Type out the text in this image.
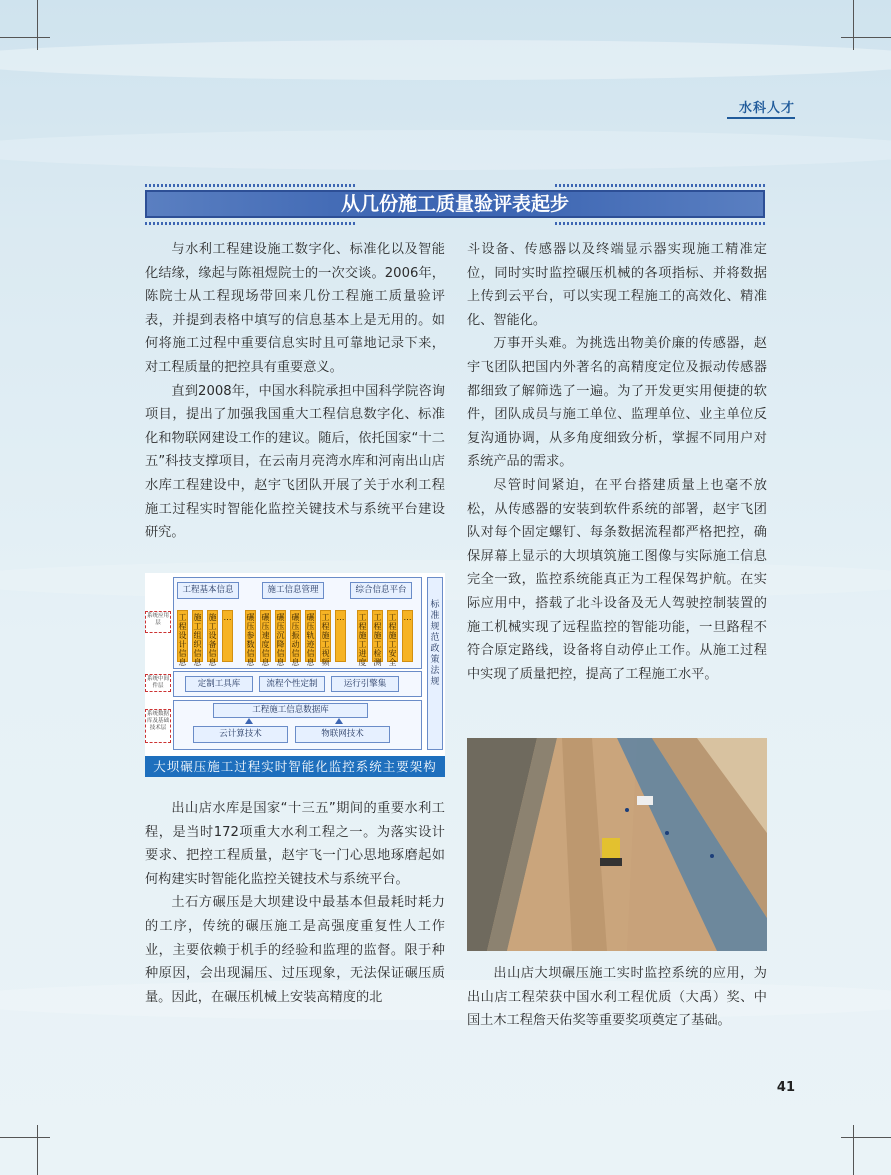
水科人才
从几份施工质量验评表起步

与水利工程建设施工数字化、标准化以及智能化结缘，缘起与陈祖煜院士的一次交谈。2006年，陈院士从工程现场带回来几份工程施工质量验评表，并提到表格中填写的信息基本上是无用的。如何将施工过程中重要信息实时且可靠地记录下来，对工程质量的把控具有重要意义。

直到2008年，中国水科院承担中国科学院咨询项目，提出了加强我国重大工程信息数字化、标准化和物联网建设工作的建议。随后，依托国家“十二五”科技支撑项目，在云南月亮湾水库和河南出山店水库工程建设中，赵宇飞团队开展了关于水利工程施工过程实时智能化监控关键技术与系统平台建设研究。

系统应用层
系统中间件层
系统数据库及基础技术层
工程基本信息	施工信息管理	综合信息平台
工程设计信息
施工组织信息
施工设备信息
… 碾压参数信息
碾压速度信息
碾压沉降信息
碾压振动信息
碾压轨迹信息
工程施工视频
… 工程施工进度
工程施工检测
工程施工安全
…
定制工具库	流程个性定制	运行引擎集
工程施工信息数据库
云计算技术	物联网技术
标准 规范 政策 法规
大坝碾压施工过程实时智能化监控系统主要架构

出山店水库是国家“十三五”期间的重要水利工程，是当时172项重大水利工程之一。为落实设计要求、把控工程质量，赵宇飞一门心思地琢磨起如何构建实时智能化监控关键技术与系统平台。

土石方碾压是大坝建设中最基本但最耗时耗力的工序，传统的碾压施工是高强度重复性人工作业，主要依赖于机手的经验和监理的监督。限于种种原因，会出现漏压、过压现象，无法保证碾压质量。因此，在碾压机械上安装高精度的北

斗设备、传感器以及终端显示器实现施工精准定位，同时实时监控碾压机械的各项指标、并将数据上传到云平台，可以实现工程施工的高效化、精准化、智能化。

万事开头难。为挑选出物美价廉的传感器，赵宇飞团队把国内外著名的高精度定位及振动传感器都细致了解筛选了一遍。为了开发更实用便捷的软件，团队成员与施工单位、监理单位、业主单位反复沟通协调，从多角度细致分析，掌握不同用户对系统产品的需求。

尽管时间紧迫，在平台搭建质量上也毫不放松，从传感器的安装到软件系统的部署，赵宇飞团队对每个固定螺钉、每条数据流程都严格把控，确保屏幕上显示的大坝填筑施工图像与实际施工信息完全一致，监控系统能真正为工程保驾护航。在实际应用中，搭载了北斗设备及无人驾驶控制装置的施工机械实现了远程监控的智能功能，一旦路程不符合原定路线，设备将自动停止工作。从施工过程中实现了质量把控，提高了工程施工水平。

出山店大坝碾压施工实时监控系统的应用，为出山店工程荣获中国水利工程优质（大禹）奖、中国土木工程詹天佑奖等重要奖项奠定了基础。

41
